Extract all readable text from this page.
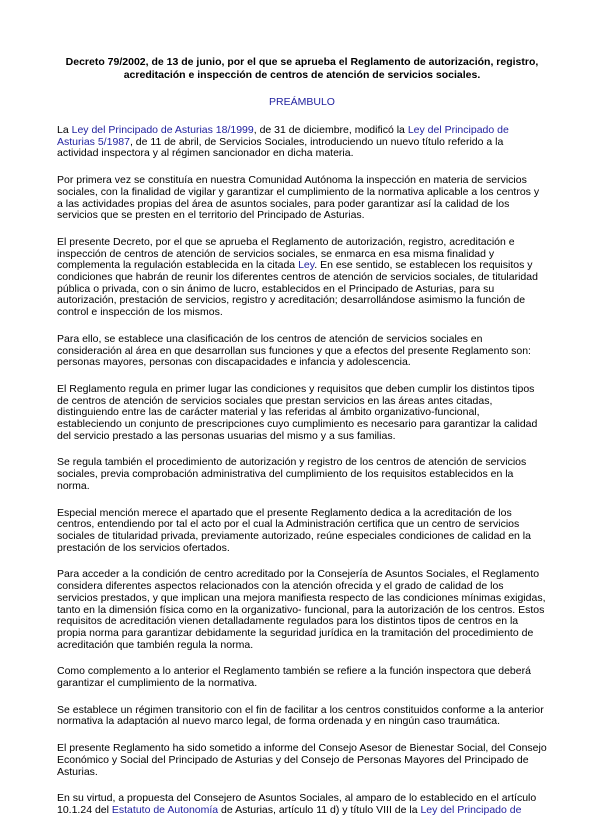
Decreto 79/2002, de 13 de junio, por el que se aprueba el Reglamento de autorización, registro, acreditación e inspección de centros de atención de servicios sociales.
PREÁMBULO

La Ley del Principado de Asturias 18/1999, de 31 de diciembre, modificó la Ley del Principado de Asturias 5/1987, de 11 de abril, de Servicios Sociales, introduciendo un nuevo título referido a la actividad inspectora y al régimen sancionador en dicha materia.

Por primera vez se constituía en nuestra Comunidad Autónoma la inspección en materia de servicios sociales, con la finalidad de vigilar y garantizar el cumplimiento de la normativa aplicable a los centros y a las actividades propias del área de asuntos sociales, para poder garantizar así la calidad de los servicios que se presten en el territorio del Principado de Asturias.

El presente Decreto, por el que se aprueba el Reglamento de autorización, registro, acreditación e inspección de centros de atención de servicios sociales, se enmarca en esa misma finalidad y complementa la regulación establecida en la citada Ley. En ese sentido, se establecen los requisitos y condiciones que habrán de reunir los diferentes centros de atención de servicios sociales, de titularidad pública o privada, con o sin ánimo de lucro, establecidos en el Principado de Asturias, para su autorización, prestación de servicios, registro y acreditación; desarrollándose asimismo la función de control e inspección de los mismos.

Para ello, se establece una clasificación de los centros de atención de servicios sociales en consideración al área en que desarrollan sus funciones y que a efectos del presente Reglamento son: personas mayores, personas con discapacidades e infancia y adolescencia.

El Reglamento regula en primer lugar las condiciones y requisitos que deben cumplir los distintos tipos de centros de atención de servicios sociales que prestan servicios en las áreas antes citadas, distinguiendo entre las de carácter material y las referidas al ámbito organizativo-funcional, estableciendo un conjunto de prescripciones cuyo cumplimiento es necesario para garantizar la calidad del servicio prestado a las personas usuarias del mismo y a sus familias.

Se regula también el procedimiento de autorización y registro de los centros de atención de servicios sociales, previa comprobación administrativa del cumplimiento de los requisitos establecidos en la norma.

Especial mención merece el apartado que el presente Reglamento dedica a la acreditación de los centros, entendiendo por tal el acto por el cual la Administración certifica que un centro de servicios sociales de titularidad privada, previamente autorizado, reúne especiales condiciones de calidad en la prestación de los servicios ofertados.

Para acceder a la condición de centro acreditado por la Consejería de Asuntos Sociales, el Reglamento considera diferentes aspectos relacionados con la atención ofrecida y el grado de calidad de los servicios prestados, y que implican una mejora manifiesta respecto de las condiciones mínimas exigidas, tanto en la dimensión física como en la organizativo- funcional, para la autorización de los centros. Estos requisitos de acreditación vienen detalladamente regulados para los distintos tipos de centros en la propia norma para garantizar debidamente la seguridad jurídica en la tramitación del procedimiento de acreditación que también regula la norma.

Como complemento a lo anterior el Reglamento también se refiere a la función inspectora que deberá garantizar el cumplimiento de la normativa.

Se establece un régimen transitorio con el fin de facilitar a los centros constituidos conforme a la anterior normativa la adaptación al nuevo marco legal, de forma ordenada y en ningún caso traumática.

El presente Reglamento ha sido sometido a informe del Consejo Asesor de Bienestar Social, del Consejo Económico y Social del Principado de Asturias y del Consejo de Personas Mayores del Principado de Asturias.

En su virtud, a propuesta del Consejero de Asuntos Sociales, al amparo de lo establecido en el artículo 10.1.24 del Estatuto de Autonomía de Asturias, artículo 11 d) y título VIII de la Ley del Principado de
